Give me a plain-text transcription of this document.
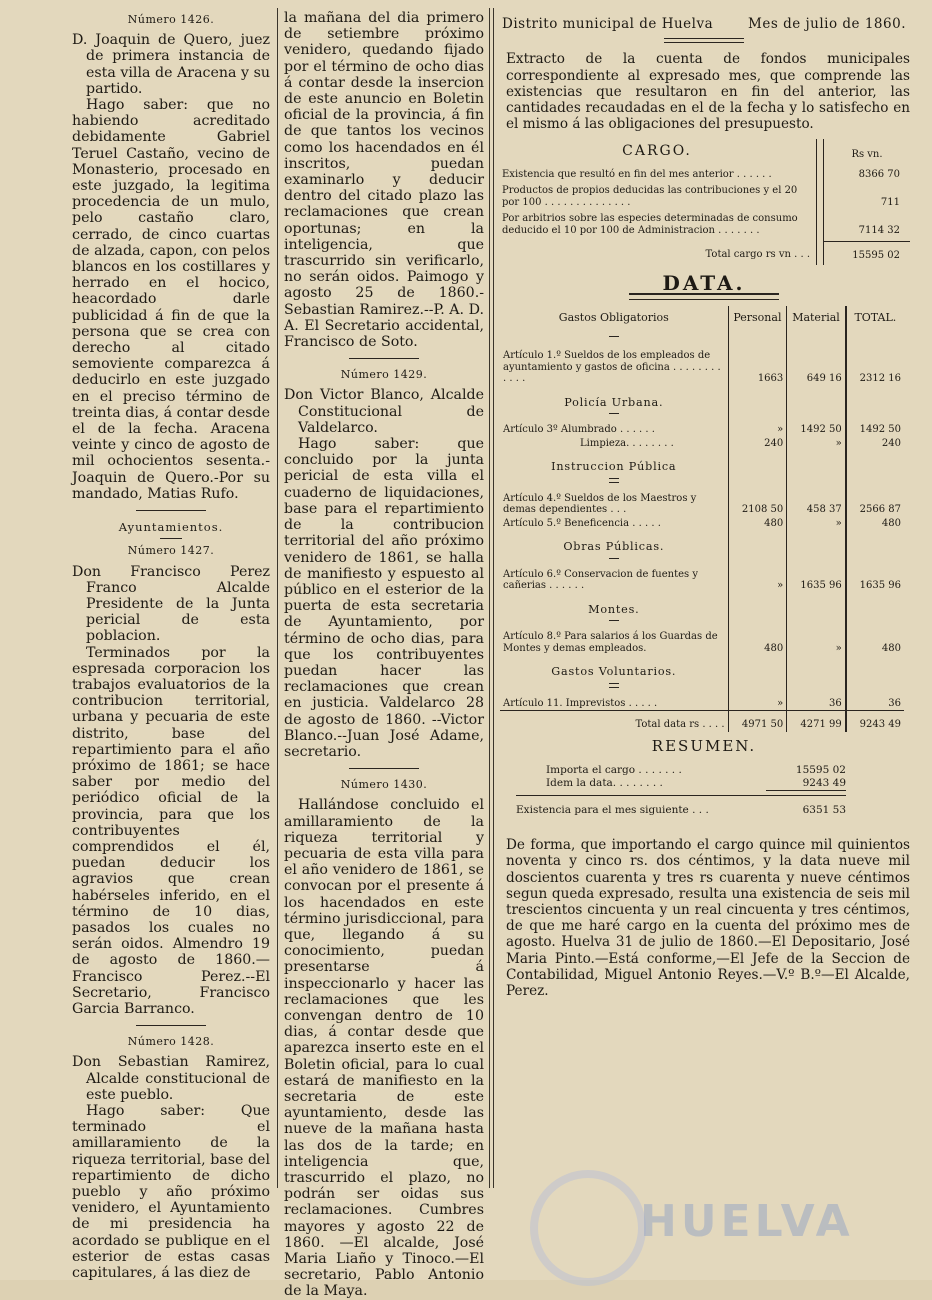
Número 1426.

D. Joaquin de Quero, juez de primera instancia de esta villa de Aracena y su partido.

Hago saber: que no habiendo acreditado debidamente Gabriel Teruel Castaño, vecino de Monasterio, procesado en este juzgado, la legitima procedencia de un mulo, pelo castaño claro, cerrado, de cinco cuartas de alzada, capon, con pelos blancos en los costillares y herrado en el hocico, heacordado darle publicidad á fin de que la persona que se crea con derecho al citado semoviente comparezca á deducirlo en este juzgado en el preciso término de treinta dias, á contar desde el de la fecha. Aracena veinte y cinco de agosto de mil ochocientos sesenta.-Joaquin de Quero.-Por su mandado, Matias Rufo.

Ayuntamientos.
Número 1427.

Don Francisco Perez Franco Alcalde Presidente de la Junta pericial de esta poblacion.

Terminados por la espresada corporacion los trabajos evaluatorios de la contribucion territorial, urbana y pecuaria de este distrito, base del repartimiento para el año próximo de 1861; se hace saber por medio del periódico oficial de la provincia, para que los contribuyentes comprendidos el él, puedan deducir los agravios que crean habérseles inferido, en el término de 10 dias, pasados los cuales no serán oidos. Almendro 19 de agosto de 1860.—Francisco Perez.--El Secretario, Francisco Garcia Barranco.

Número 1428.

Don Sebastian Ramirez, Alcalde constitucional de este pueblo.

Hago saber: Que terminado el amillaramiento de la riqueza territorial, base del repartimiento de dicho pueblo y año próximo venidero, el Ayuntamiento de mi presidencia ha acordado se publique en el esterior de estas casas capitulares, á las diez de

la mañana del dia primero de setiembre próximo venidero, quedando fijado por el término de ocho dias á contar desde la insercion de este anuncio en Boletin oficial de la provincia, á fin de que tantos los vecinos como los hacendados en él inscritos, puedan examinarlo y deducir dentro del citado plazo las reclamaciones que crean oportunas; en la inteligencia, que trascurrido sin verificarlo, no serán oidos. Paimogo y agosto 25 de 1860.-Sebastian Ramirez.--P. A. D. A. El Secretario accidental, Francisco de Soto.

Número 1429.

Don Victor Blanco, Alcalde Constitucional de Valdelarco.

Hago saber: que concluido por la junta pericial de esta villa el cuaderno de liquidaciones, base para el repartimiento de la contribucion territorial del año próximo venidero de 1861, se halla de manifiesto y espuesto al público en el esterior de la puerta de esta secretaria de Ayuntamiento, por término de ocho dias, para que los contribuyentes puedan hacer las reclamaciones que crean en justicia. Valdelarco 28 de agosto de 1860. --Victor Blanco.--Juan José Adame, secretario.

Número 1430.

Hallándose concluido el amillaramiento de la riqueza territorial y pecuaria de esta villa para el año venidero de 1861, se convocan por el presente á los hacendados en este término jurisdiccional, para que, llegando á su conocimiento, puedan presentarse á inspeccionarlo y hacer las reclamaciones que les convengan dentro de 10 dias, á contar desde que aparezca inserto este en el Boletin oficial, para lo cual estará de manifiesto en la secretaria de este ayuntamiento, desde las nueve de la mañana hasta las dos de la tarde; en inteligencia que, trascurrido el plazo, no podrán ser oidas sus reclamaciones. Cumbres mayores y agosto 22 de 1860. —El alcalde, José Maria Liaño y Tinoco.—El secretario, Pablo Antonio de la Maya.

Distrito municipal de Huelva	Mes de julio de 1860.

Extracto de la cuenta de fondos municipales correspondiente al expresado mes, que comprende las existencias que resultaron en fin del anterior, las cantidades recaudadas en el de la fecha y lo satisfecho en el mismo á las obligaciones del presupuesto.

CARGO.	Rs vn.
Existencia que resultó en fin del mes anterior . . . . . .	8366 70
Productos de propios deducidas las contribuciones y el 20 por 100 . . . . . . . . . . . . . .	711
Por arbitrios sobre las especies determinadas de consumo deducido el 10 por 100 de Administracion . . . . . . .	7114 32
Total cargo rs vn . . .	15595 02
DATA.
Gastos Obligatorios	Personal	Material	TOTAL.

Artículo 1.º Sueldos de los empleados de ayuntamiento y gastos de oficina . . . . . . . . . . . .	1663	649 16	2312 16

Policía Urbana.			

Artículo 3º Alumbrado . . . . . .	»	1492 50	1492 50
Limpieza. . . . . . . .	240	»	240

Instruccion Pública			

Artículo 4.º Sueldos de los Maestros y demas dependientes . . .	2108 50	458 37	2566 87
Artículo 5.º Beneficencia . . . . .	480	»	480

Obras Públicas.			

Artículo 6.º Conservacion de fuentes y cañerias . . . . . .	»	1635 96	1635 96

Montes.			

Artículo 8.º Para salarios á los Guardas de Montes y demas empleados.	480	»	480

Gastos Voluntarios.			

Artículo 11. Imprevistos . . . . .	»	36	36
Total data rs . . . .	4971 50	4271 99	9243 49
RESUMEN.
Importa el cargo . . . . . . .	15595 02
Idem la data. . . . . . . .	9243 49
Existencia para el mes siguiente . . .	6351 53

De forma, que importando el cargo quince mil quinientos noventa y cinco rs. dos céntimos, y la data nueve mil doscientos cuarenta y tres rs cuarenta y nueve céntimos segun queda expresado, resulta una existencia de seis mil trescientos cincuenta y un real cincuenta y tres céntimos, de que me haré cargo en la cuenta del próximo mes de agosto. Huelva 31 de julio de 1860.—El Depositario, José Maria Pinto.—Está conforme,—El Jefe de la Seccion de Contabilidad, Miguel Antonio Reyes.—V.º B.º—El Alcalde, Perez.

HUELVA
